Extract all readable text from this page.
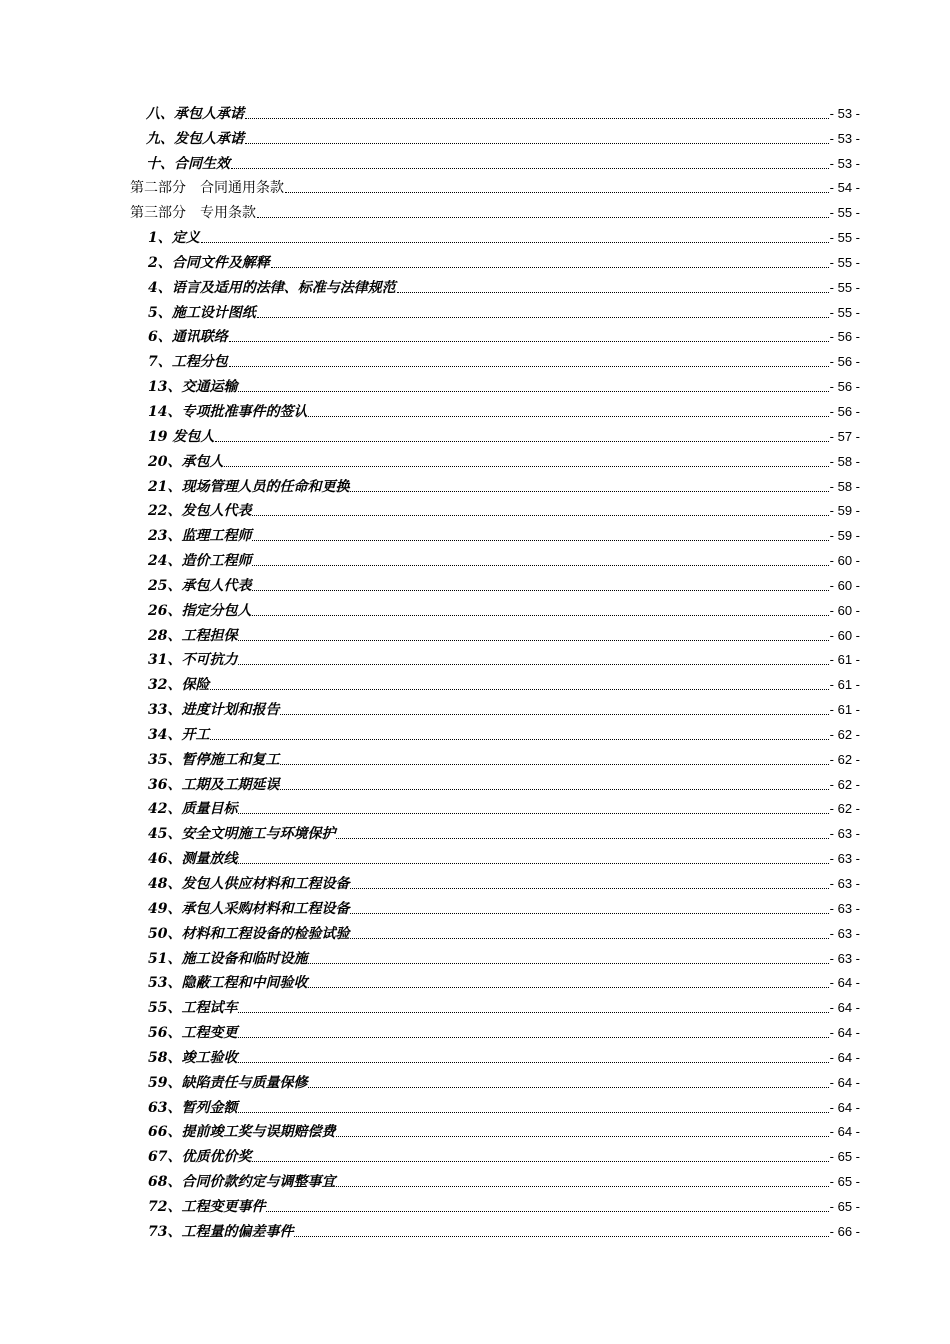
八、承包人承诺	- 53 -
九、发包人承诺	- 53 -
十、合同生效	- 53 -
第二部分　合同通用条款	- 54 -
第三部分　专用条款	- 55 -
1、定义	- 55 -
2、合同文件及解释	- 55 -
4、语言及适用的法律、标准与法律规范	- 55 -
5、施工设计图纸	- 55 -
6、通讯联络	- 56 -
7、工程分包	- 56 -
13、交通运输	- 56 -
14、专项批准事件的签认	- 56 -
19 发包人	- 57 -
20、承包人	- 58 -
21、现场管理人员的任命和更换	- 58 -
22、发包人代表	- 59 -
23、监理工程师	- 59 -
24、造价工程师	- 60 -
25、承包人代表	- 60 -
26、指定分包人	- 60 -
28、工程担保	- 60 -
31、不可抗力	- 61 -
32、保险	- 61 -
33、进度计划和报告	- 61 -
34、开工	- 62 -
35、暂停施工和复工	- 62 -
36、工期及工期延误	- 62 -
42、质量目标	- 62 -
45、安全文明施工与环境保护	- 63 -
46、测量放线	- 63 -
48、发包人供应材料和工程设备	- 63 -
49、承包人采购材料和工程设备	- 63 -
50、材料和工程设备的检验试验	- 63 -
51、施工设备和临时设施	- 63 -
53、隐蔽工程和中间验收	- 64 -
55、工程试车	- 64 -
56、工程变更	- 64 -
58、竣工验收	- 64 -
59、缺陷责任与质量保修	- 64 -
63、暂列金额	- 64 -
66、提前竣工奖与误期赔偿费	- 64 -
67、优质优价奖	- 65 -
68、合同价款约定与调整事宜	- 65 -
72、工程变更事件	- 65 -
73、工程量的偏差事件	- 66 -
